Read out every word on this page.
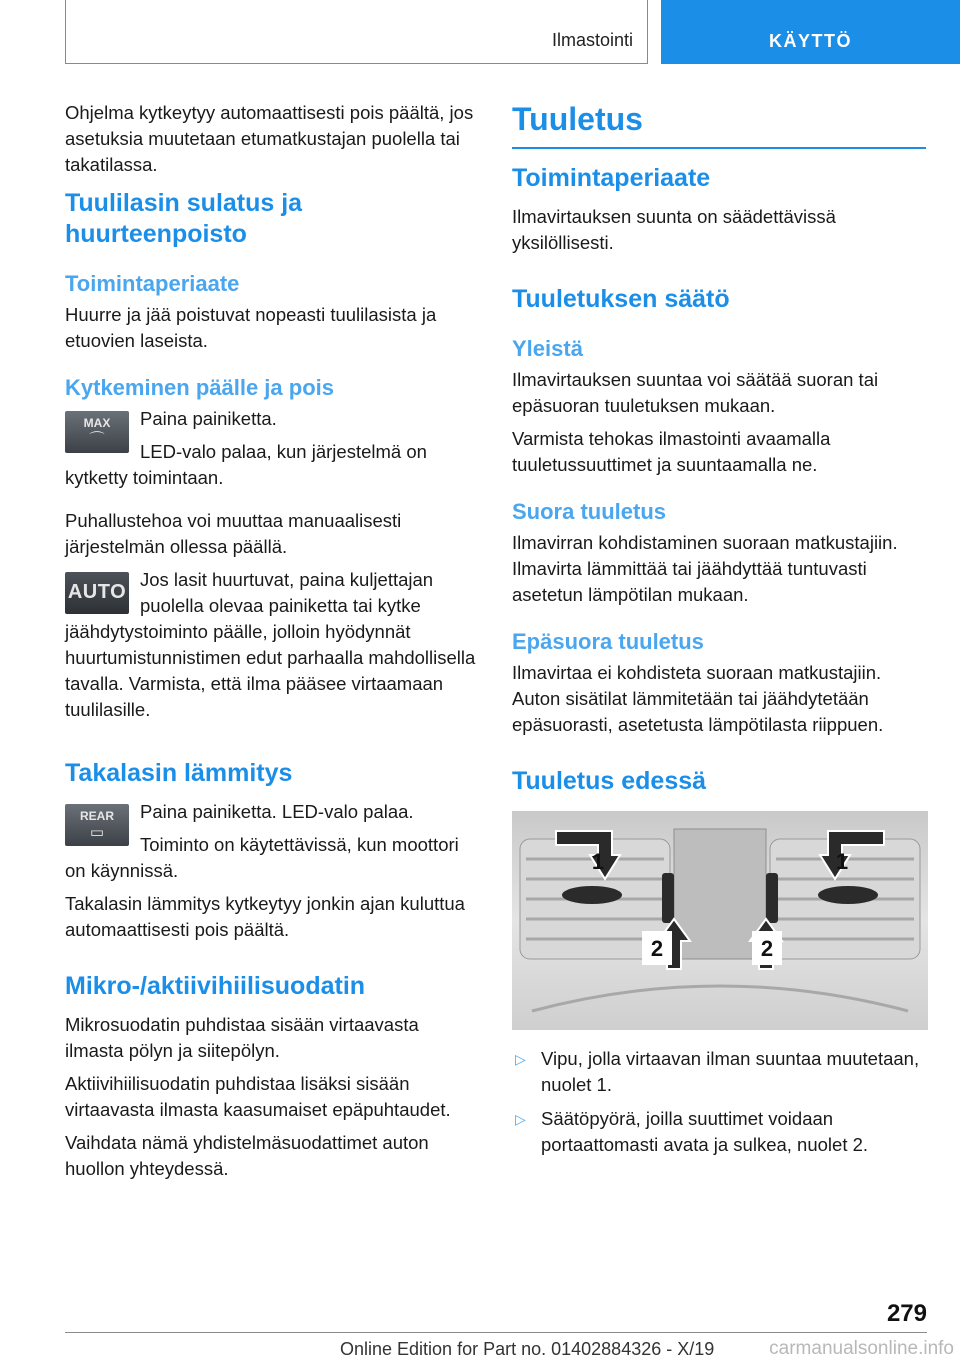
Ilmastointi	KÄYTTÖ

Ohjelma kytkeytyy automaattisesti pois päältä, jos asetuksia muutetaan etumatkustajan puolella tai takatilassa.

Tuulilasin sulatus ja huurteenpoisto
Toimintaperiaate

Huurre ja jää poistuvat nopeasti tuulilasista ja etuovien laseista.

Kytkeminen päälle ja pois
MAX
⌒

Paina painiketta.

LED-valo palaa, kun järjestelmä on kytketty toimintaan.

Puhallustehoa voi muuttaa manuaalisesti järjestelmän ollessa päällä.

AUTO

Jos lasit huurtuvat, paina kuljettajan puolella olevaa painiketta tai kytke jäähdytystoiminto päälle, jolloin hyödynnät huurtumistunnistimen edut parhaalla mahdollisella tavalla. Varmista, että ilma pääsee virtaamaan tuulilasille.

Takalasin lämmitys
REAR
▭

Paina painiketta. LED-valo palaa.

Toiminto on käytettävissä, kun moottori on käynnissä.

Takalasin lämmitys kytkeytyy jonkin ajan kuluttua automaattisesti pois päältä.

Mikro-/aktiivihiilisuodatin

Mikrosuodatin puhdistaa sisään virtaavasta ilmasta pölyn ja siitepölyn.

Aktiivihiilisuodatin puhdistaa lisäksi sisään virtaavasta ilmasta kaasumaiset epäpuhtaudet.

Vaihdata nämä yhdistelmäsuodattimet auton huollon yhteydessä.

Tuuletus
Toimintaperiaate

Ilmavirtauksen suunta on säädettävissä yksilöllisesti.

Tuuletuksen säätö
Yleistä

Ilmavirtauksen suuntaa voi säätää suoran tai epäsuoran tuuletuksen mukaan.

Varmista tehokas ilmastointi avaamalla tuuletussuuttimet ja suuntaamalla ne.

Suora tuuletus

Ilmavirran kohdistaminen suoraan matkustajiin. Ilmavirta lämmittää tai jäähdyttää tuntuvasti asetetun lämpötilan mukaan.

Epäsuora tuuletus

Ilmavirtaa ei kohdisteta suoraan matkustajiin. Auton sisätilat lämmitetään tai jäähdytetään epäsuorasti, asetetusta lämpötilasta riippuen.

Tuuletus edessä
1
2	2
1
▷ Vipu, jolla virtaavan ilman suuntaa muutetaan, nuolet 1.
▷ Säätöpyörä, joilla suuttimet voidaan portaattomasti avata ja sulkea, nuolet 2.
279
Online Edition for Part no. 01402884326 - X/19	carmanualsonline.info
